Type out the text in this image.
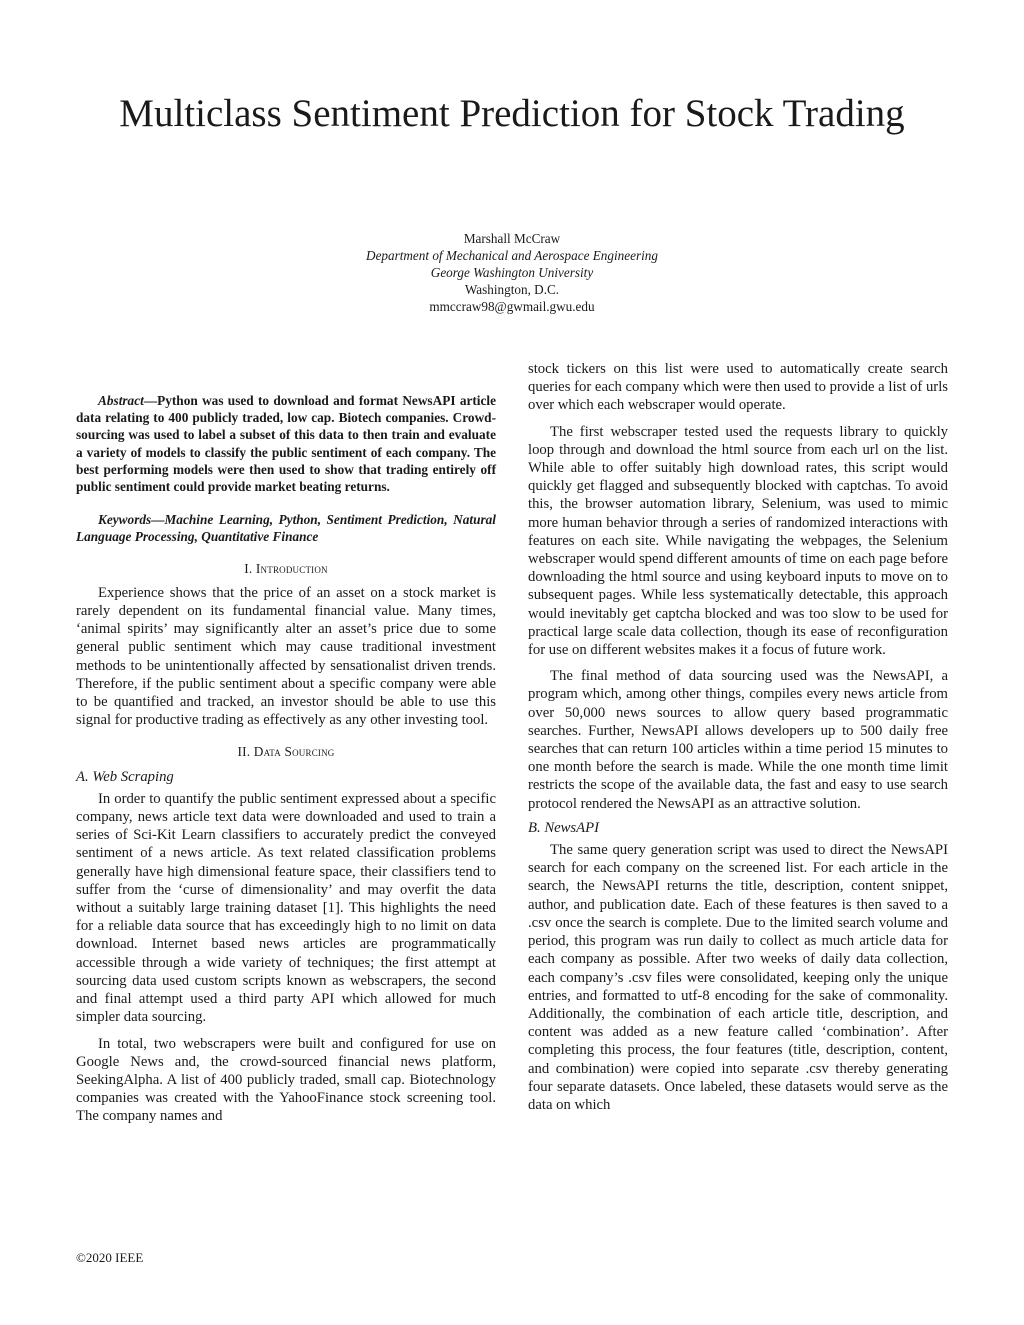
Multiclass Sentiment Prediction for Stock Trading
Marshall McCraw
Department of Mechanical and Aerospace Engineering
George Washington University
Washington, D.C.
mmccraw98@gwmail.gwu.edu

Abstract—Python was used to download and format NewsAPI article data relating to 400 publicly traded, low cap. Biotech companies. Crowd-sourcing was used to label a subset of this data to then train and evaluate a variety of models to classify the public sentiment of each company. The best performing models were then used to show that trading entirely off public sentiment could provide market beating returns.

Keywords—Machine Learning, Python, Sentiment Prediction, Natural Language Processing, Quantitative Finance

I. Introduction

Experience shows that the price of an asset on a stock market is rarely dependent on its fundamental financial value. Many times, ‘animal spirits’ may significantly alter an asset’s price due to some general public sentiment which may cause traditional investment methods to be unintentionally affected by sensationalist driven trends. Therefore, if the public sentiment about a specific company were able to be quantified and tracked, an investor should be able to use this signal for productive trading as effectively as any other investing tool.

II. Data Sourcing
A. Web Scraping

In order to quantify the public sentiment expressed about a specific company, news article text data were downloaded and used to train a series of Sci-Kit Learn classifiers to accurately predict the conveyed sentiment of a news article. As text related classification problems generally have high dimensional feature space, their classifiers tend to suffer from the ‘curse of dimensionality’ and may overfit the data without a suitably large training dataset [1]. This highlights the need for a reliable data source that has exceedingly high to no limit on data download. Internet based news articles are programmatically accessible through a wide variety of techniques; the first attempt at sourcing data used custom scripts known as webscrapers, the second and final attempt used a third party API which allowed for much simpler data sourcing.

In total, two webscrapers were built and configured for use on Google News and, the crowd-sourced financial news platform, SeekingAlpha. A list of 400 publicly traded, small cap. Biotechnology companies was created with the YahooFinance stock screening tool. The company names and

stock tickers on this list were used to automatically create search queries for each company which were then used to provide a list of urls over which each webscraper would operate.

The first webscraper tested used the requests library to quickly loop through and download the html source from each url on the list. While able to offer suitably high download rates, this script would quickly get flagged and subsequently blocked with captchas. To avoid this, the browser automation library, Selenium, was used to mimic more human behavior through a series of randomized interactions with features on each site. While navigating the webpages, the Selenium webscraper would spend different amounts of time on each page before downloading the html source and using keyboard inputs to move on to subsequent pages. While less systematically detectable, this approach would inevitably get captcha blocked and was too slow to be used for practical large scale data collection, though its ease of reconfiguration for use on different websites makes it a focus of future work.

The final method of data sourcing used was the NewsAPI, a program which, among other things, compiles every news article from over 50,000 news sources to allow query based programmatic searches. Further, NewsAPI allows developers up to 500 daily free searches that can return 100 articles within a time period 15 minutes to one month before the search is made. While the one month time limit restricts the scope of the available data, the fast and easy to use search protocol rendered the NewsAPI as an attractive solution.

B. NewsAPI

The same query generation script was used to direct the NewsAPI search for each company on the screened list. For each article in the search, the NewsAPI returns the title, description, content snippet, author, and publication date. Each of these features is then saved to a .csv once the search is complete. Due to the limited search volume and period, this program was run daily to collect as much article data for each company as possible. After two weeks of daily data collection, each company’s .csv files were consolidated, keeping only the unique entries, and formatted to utf-8 encoding for the sake of commonality. Additionally, the combination of each article title, description, and content was added as a new feature called ‘combination’. After completing this process, the four features (title, description, content, and combination) were copied into separate .csv thereby generating four separate datasets. Once labeled, these datasets would serve as the data on which

©2020 IEEE
